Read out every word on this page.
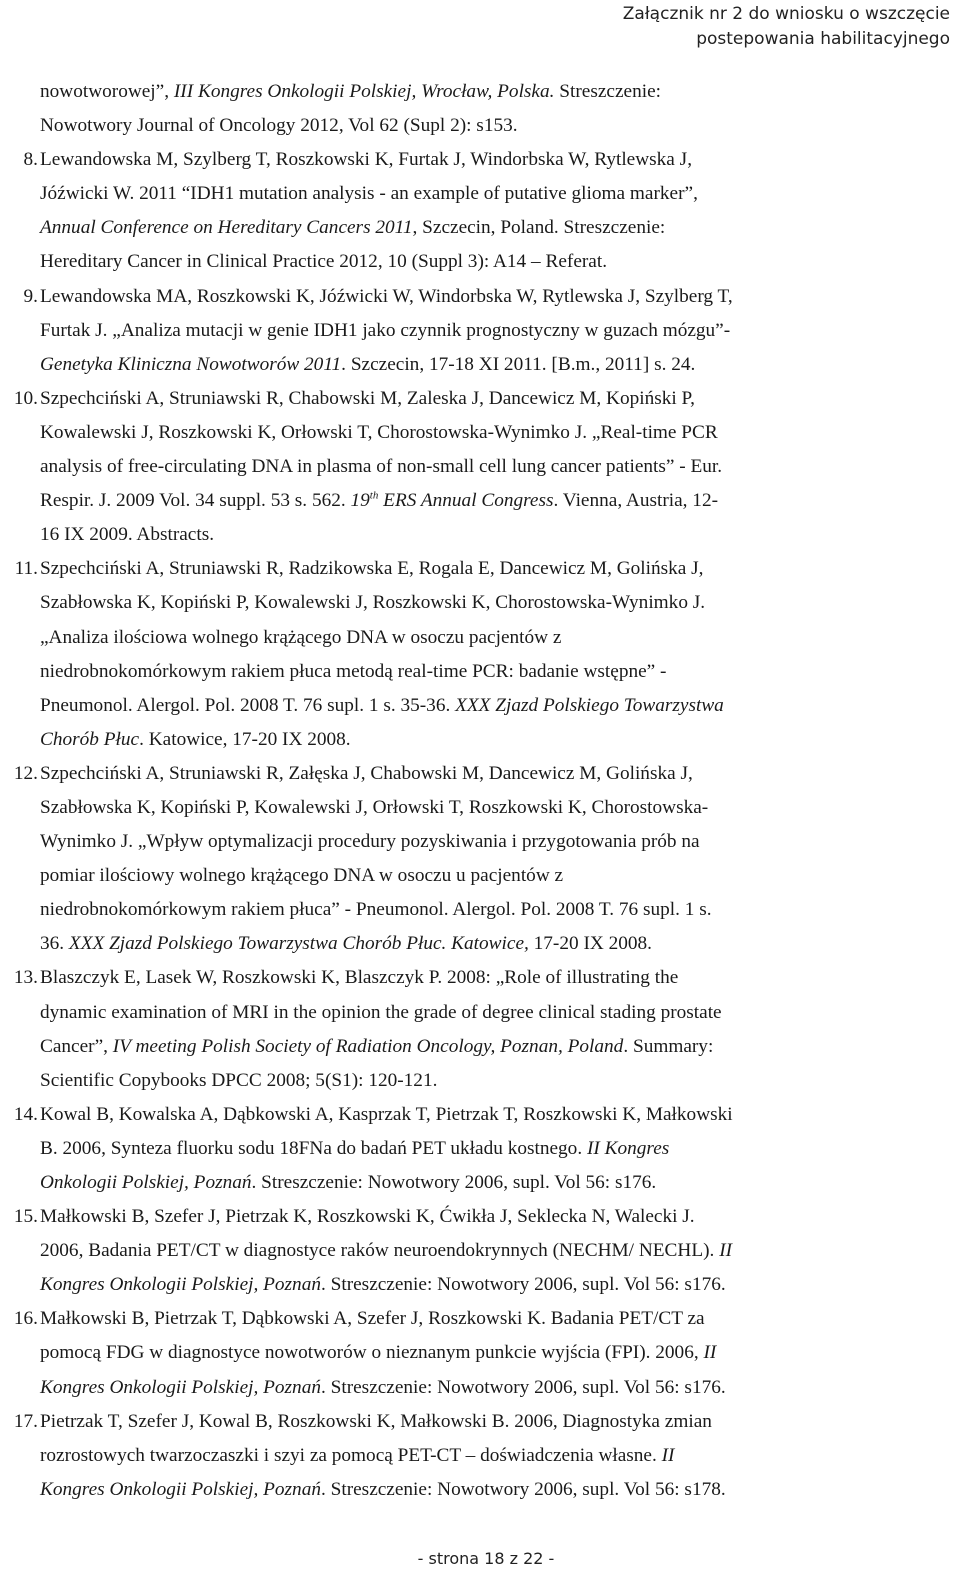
Załącznik nr 2 do wniosku o wszczęcie
postepowania habilitacyjnego
nowotworowej”, III Kongres Onkologii Polskiej, Wrocław, Polska. Streszczenie:
Nowotwory Journal of Oncology 2012, Vol 62 (Supl 2): s153.
8. Lewandowska M, Szylberg T, Roszkowski K, Furtak J, Windorbska W, Rytlewska J,
Jóźwicki W. 2011 “IDH1 mutation analysis - an example of putative glioma marker”,
Annual Conference on Hereditary Cancers 2011, Szczecin, Poland. Streszczenie:
Hereditary Cancer in Clinical Practice 2012, 10 (Suppl 3): A14 – Referat.
9. Lewandowska MA, Roszkowski K, Jóźwicki W, Windorbska W, Rytlewska J, Szylberg T,
Furtak J. „Analiza mutacji w genie IDH1 jako czynnik prognostyczny w guzach mózgu”-
Genetyka Kliniczna Nowotworów 2011. Szczecin, 17-18 XI 2011. [B.m., 2011] s. 24.
10. Szpechciński A, Struniawski R, Chabowski M, Zaleska J, Dancewicz M, Kopiński P,
Kowalewski J, Roszkowski K, Orłowski T, Chorostowska-Wynimko J. „Real-time PCR
analysis of free-circulating DNA in plasma of non-small cell lung cancer patients” - Eur.
Respir. J. 2009 Vol. 34 suppl. 53 s. 562. 19th ERS Annual Congress. Vienna, Austria, 12-
16 IX 2009. Abstracts.
11. Szpechciński A, Struniawski R, Radzikowska E, Rogala E, Dancewicz M, Golińska J,
Szabłowska K, Kopiński P, Kowalewski J, Roszkowski K, Chorostowska-Wynimko J.
„Analiza ilościowa wolnego krążącego DNA w osoczu pacjentów z
niedrobnokomórkowym rakiem płuca metodą real-time PCR: badanie wstępne” -
Pneumonol. Alergol. Pol. 2008 T. 76 supl. 1 s. 35-36. XXX Zjazd Polskiego Towarzystwa
Chorób Płuc. Katowice, 17-20 IX 2008.
12. Szpechciński A, Struniawski R, Załęska J, Chabowski M, Dancewicz M, Golińska J,
Szabłowska K, Kopiński P, Kowalewski J, Orłowski T, Roszkowski K, Chorostowska-
Wynimko J. „Wpływ optymalizacji procedury pozyskiwania i przygotowania prób na
pomiar ilościowy wolnego krążącego DNA w osoczu u pacjentów z
niedrobnokomórkowym rakiem płuca” - Pneumonol. Alergol. Pol. 2008 T. 76 supl. 1 s.
36. XXX Zjazd Polskiego Towarzystwa Chorób Płuc. Katowice, 17-20 IX 2008.
13. Blaszczyk E, Lasek W, Roszkowski K, Blaszczyk P. 2008: „Role of illustrating the
dynamic examination of MRI in the opinion the grade of degree clinical stading prostate
Cancer”, IV meeting Polish Society of Radiation Oncology, Poznan, Poland. Summary:
Scientific Copybooks DPCC 2008; 5(S1): 120-121.
14. Kowal B, Kowalska A, Dąbkowski A, Kasprzak T, Pietrzak T, Roszkowski K, Małkowski
B. 2006, Synteza fluorku sodu 18FNa do badań PET układu kostnego. II Kongres
Onkologii Polskiej, Poznań. Streszczenie: Nowotwory 2006, supl. Vol 56: s176.
15. Małkowski B, Szefer J, Pietrzak K, Roszkowski K, Ćwikła J, Seklecka N, Walecki J.
2006, Badania PET/CT w diagnostyce raków neuroendokrynnych (NECHM/ NECHL). II
Kongres Onkologii Polskiej, Poznań. Streszczenie: Nowotwory 2006, supl. Vol 56: s176.
16. Małkowski B, Pietrzak T, Dąbkowski A, Szefer J, Roszkowski K. Badania PET/CT za
pomocą FDG w diagnostyce nowotworów o nieznanym punkcie wyjścia (FPI). 2006, II
Kongres Onkologii Polskiej, Poznań. Streszczenie: Nowotwory 2006, supl. Vol 56: s176.
17. Pietrzak T, Szefer J, Kowal B, Roszkowski K, Małkowski B. 2006, Diagnostyka zmian
rozrostowych twarzoczaszki i szyi za pomocą PET-CT – doświadczenia własne. II
Kongres Onkologii Polskiej, Poznań. Streszczenie: Nowotwory 2006, supl. Vol 56: s178.
- strona 18 z 22 -
